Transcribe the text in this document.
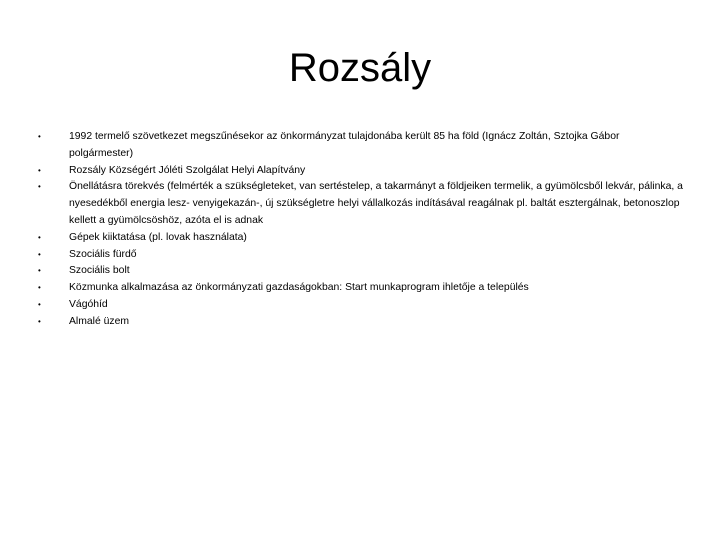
Rozsály
•	1992 termelő szövetkezet megszűnésekor az önkormányzat tulajdonába került 85 ha föld (Ignácz Zoltán, Sztojka Gábor polgármester)
•	Rozsály Községért Jóléti Szolgálat Helyi Alapítvány
•	Önellátásra törekvés (felmérték a szükségleteket, van sertéstelep, a takarmányt a földjeiken termelik, a gyümölcsből lekvár, pálinka, a nyesedékből energia lesz- venyigekazán-, új szükségletre helyi vállalkozás indításával reagálnak pl. baltát esztergálnak, betonoszlop kellett a gyümölcsöshöz, azóta el is adnak
•	Gépek kiiktatása (pl. lovak használata)
•	Szociális fürdő
•	Szociális bolt
•	Közmunka alkalmazása az önkormányzati gazdaságokban: Start munkaprogram ihletője a település
•	Vágóhíd
•	Almalé üzem
